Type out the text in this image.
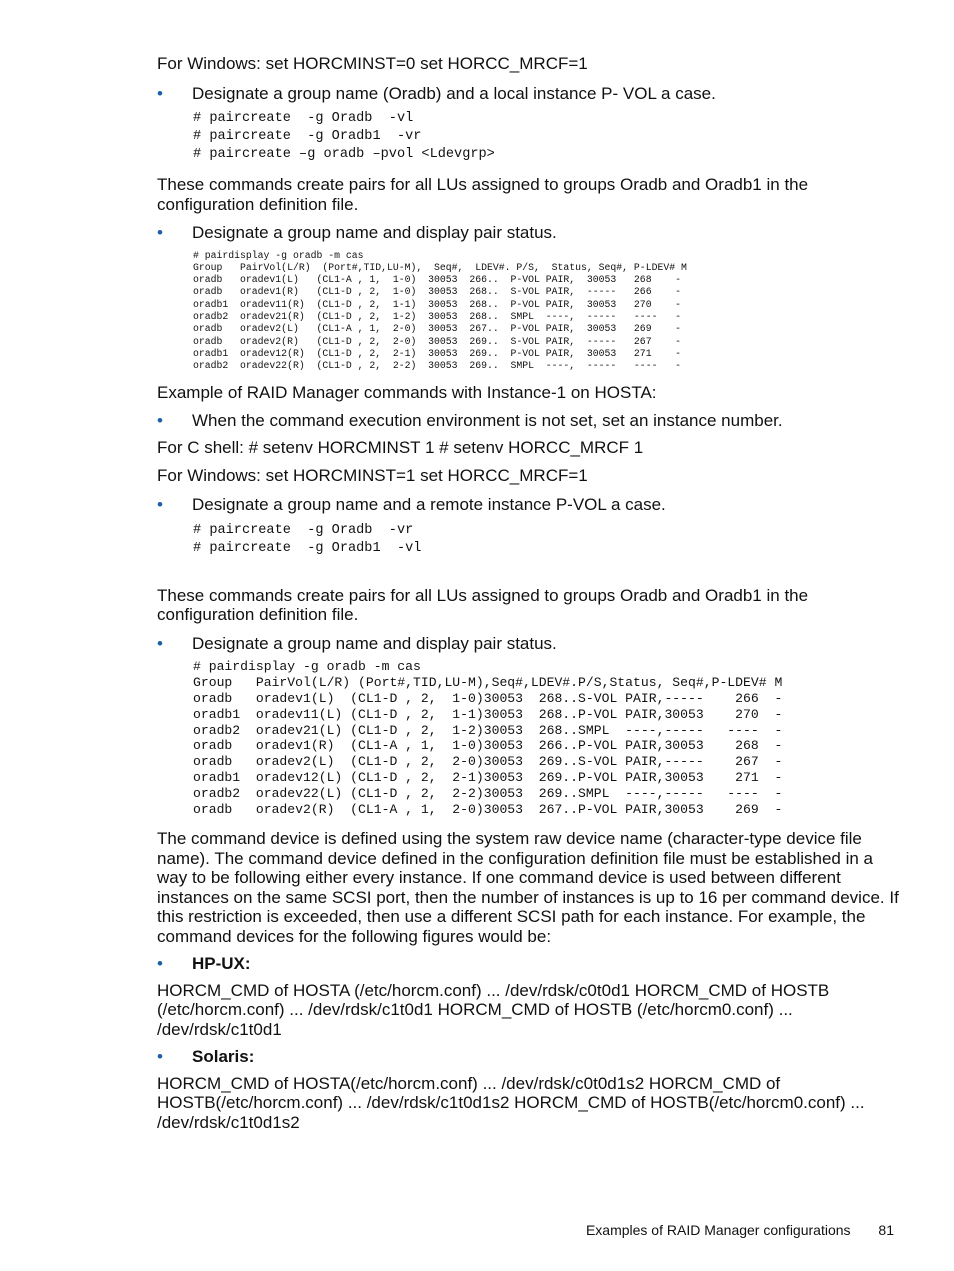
For Windows: set HORCMINST=0 set HORCC_MRCF=1

• Designate a group name (Oradb) and a local instance P- VOL a case.
# paircreate  -g Oradb  -vl
# paircreate  -g Oradb1  -vr
# paircreate –g oradb –pvol <Ldevgrp>

These commands create pairs for all LUs assigned to groups Oradb and Oradb1 in the configuration definition file.

• Designate a group name and display pair status.
# pairdisplay -g oradb -m cas
Group   PairVol(L/R)  (Port#,TID,LU-M),  Seq#,  LDEV#. P/S,  Status, Seq#, P-LDEV# M
oradb   oradev1(L)   (CL1-A , 1,  1-0)  30053  266..  P-VOL PAIR,  30053   268    -
oradb   oradev1(R)   (CL1-D , 2,  1-0)  30053  268..  S-VOL PAIR,  -----   266    -
oradb1  oradev11(R)  (CL1-D , 2,  1-1)  30053  268..  P-VOL PAIR,  30053   270    -
oradb2  oradev21(R)  (CL1-D , 2,  1-2)  30053  268..  SMPL  ----,  -----   ----   -
oradb   oradev2(L)   (CL1-A , 1,  2-0)  30053  267..  P-VOL PAIR,  30053   269    -
oradb   oradev2(R)   (CL1-D , 2,  2-0)  30053  269..  S-VOL PAIR,  -----   267    -
oradb1  oradev12(R)  (CL1-D , 2,  2-1)  30053  269..  P-VOL PAIR,  30053   271    -
oradb2  oradev22(R)  (CL1-D , 2,  2-2)  30053  269..  SMPL  ----,  -----   ----   -

Example of RAID Manager commands with Instance-1 on HOSTA:

• When the command execution environment is not set, set an instance number.

For C shell: # setenv HORCMINST 1 # setenv HORCC_MRCF 1

For Windows: set HORCMINST=1 set HORCC_MRCF=1

• Designate a group name and a remote instance P-VOL a case.
# paircreate  -g Oradb  -vr
# paircreate  -g Oradb1  -vl

These commands create pairs for all LUs assigned to groups Oradb and Oradb1 in the configuration definition file.

• Designate a group name and display pair status.
# pairdisplay -g oradb -m cas
Group   PairVol(L/R) (Port#,TID,LU-M),Seq#,LDEV#.P/S,Status, Seq#,P-LDEV# M
oradb   oradev1(L)  (CL1-D , 2,  1-0)30053  268..S-VOL PAIR,-----    266  -
oradb1  oradev11(L) (CL1-D , 2,  1-1)30053  268..P-VOL PAIR,30053    270  -
oradb2  oradev21(L) (CL1-D , 2,  1-2)30053  268..SMPL  ----,-----   ----  -
oradb   oradev1(R)  (CL1-A , 1,  1-0)30053  266..P-VOL PAIR,30053    268  -
oradb   oradev2(L)  (CL1-D , 2,  2-0)30053  269..S-VOL PAIR,-----    267  -
oradb1  oradev12(L) (CL1-D , 2,  2-1)30053  269..P-VOL PAIR,30053    271  -
oradb2  oradev22(L) (CL1-D , 2,  2-2)30053  269..SMPL  ----,-----   ----  -
oradb   oradev2(R)  (CL1-A , 1,  2-0)30053  267..P-VOL PAIR,30053    269  -

The command device is defined using the system raw device name (character-type device file name). The command device defined in the configuration definition file must be established in a way to be following either every instance. If one command device is used between different instances on the same SCSI port, then the number of instances is up to 16 per command device. If this restriction is exceeded, then use a different SCSI path for each instance. For example, the command devices for the following figures would be:

• HP-UX:

HORCM_CMD of HOSTA (/etc/horcm.conf) ... /dev/rdsk/c0t0d1 HORCM_CMD of HOSTB (/etc/horcm.conf) ... /dev/rdsk/c1t0d1 HORCM_CMD of HOSTB (/etc/horcm0.conf) ... /dev/rdsk/c1t0d1

• Solaris:

HORCM_CMD of HOSTA(/etc/horcm.conf) ... /dev/rdsk/c0t0d1s2 HORCM_CMD of HOSTB(/etc/horcm.conf) ... /dev/rdsk/c1t0d1s2 HORCM_CMD of HOSTB(/etc/horcm0.conf) ... /dev/rdsk/c1t0d1s2

Examples of RAID Manager configurations 81
